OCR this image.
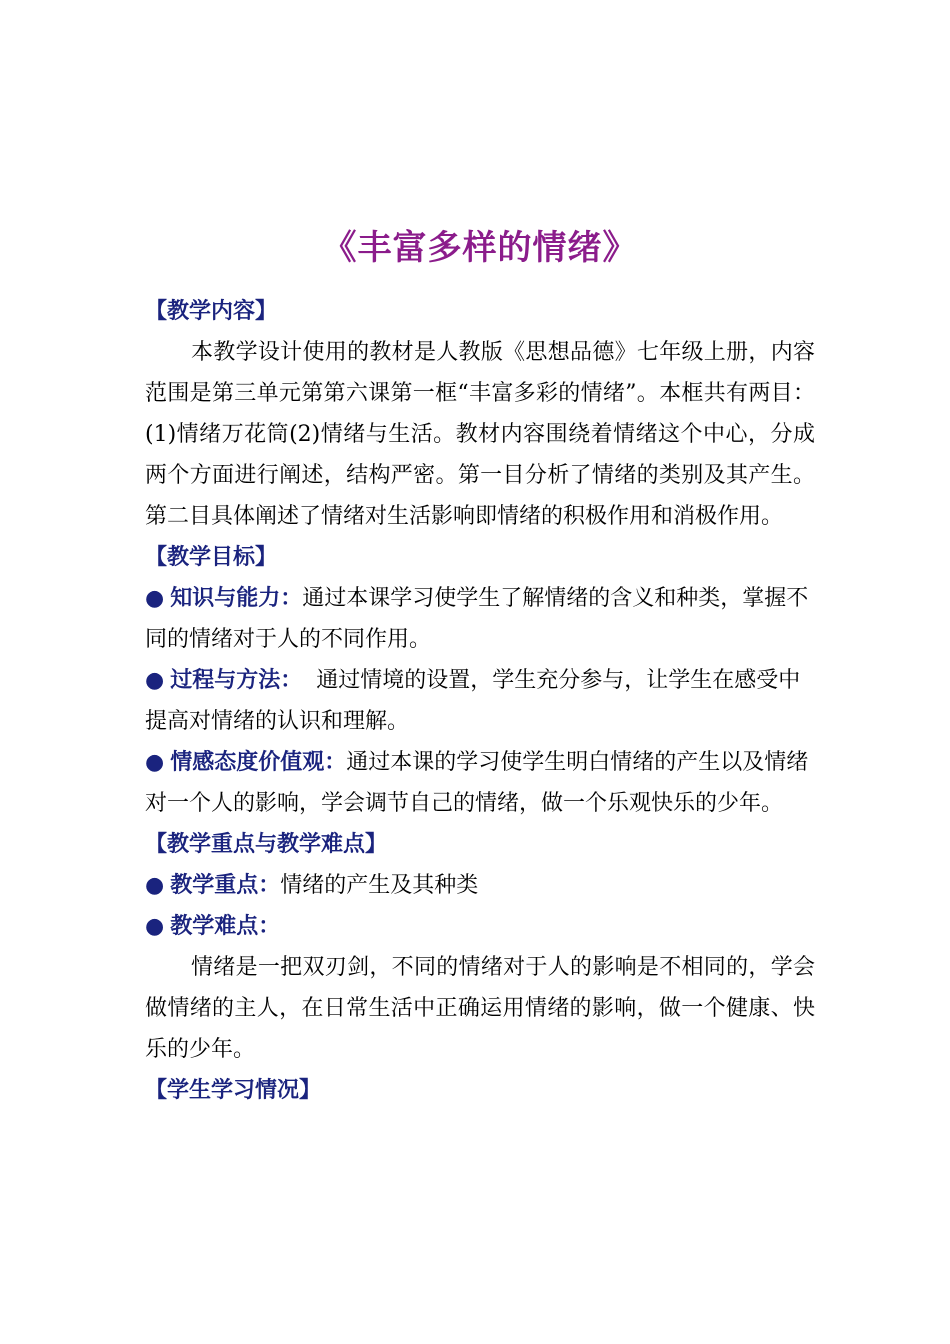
《丰富多样的情绪》
【教学内容】

本教学设计使用的教材是人教版《思想品德》七年级上册，内容范围是第三单元第第六课第一框“丰富多彩的情绪”。本框共有两目：(1)情绪万花筒(2)情绪与生活。教材内容围绕着情绪这个中心，分成两个方面进行阐述，结构严密。第一目分析了情绪的类别及其产生。第二目具体阐述了情绪对生活影响即情绪的积极作用和消极作用。

【教学目标】

● 知识与能力：通过本课学习使学生了解情绪的含义和种类，掌握不同的情绪对于人的不同作用。

● 过程与方法： 通过情境的设置，学生充分参与，让学生在感受中提高对情绪的认识和理解。

● 情感态度价值观：通过本课的学习使学生明白情绪的产生以及情绪对一个人的影响，学会调节自己的情绪，做一个乐观快乐的少年。

【教学重点与教学难点】

● 教学重点：情绪的产生及其种类

● 教学难点：

情绪是一把双刃剑，不同的情绪对于人的影响是不相同的，学会做情绪的主人，在日常生活中正确运用情绪的影响，做一个健康、快乐的少年。

【学生学习情况】
